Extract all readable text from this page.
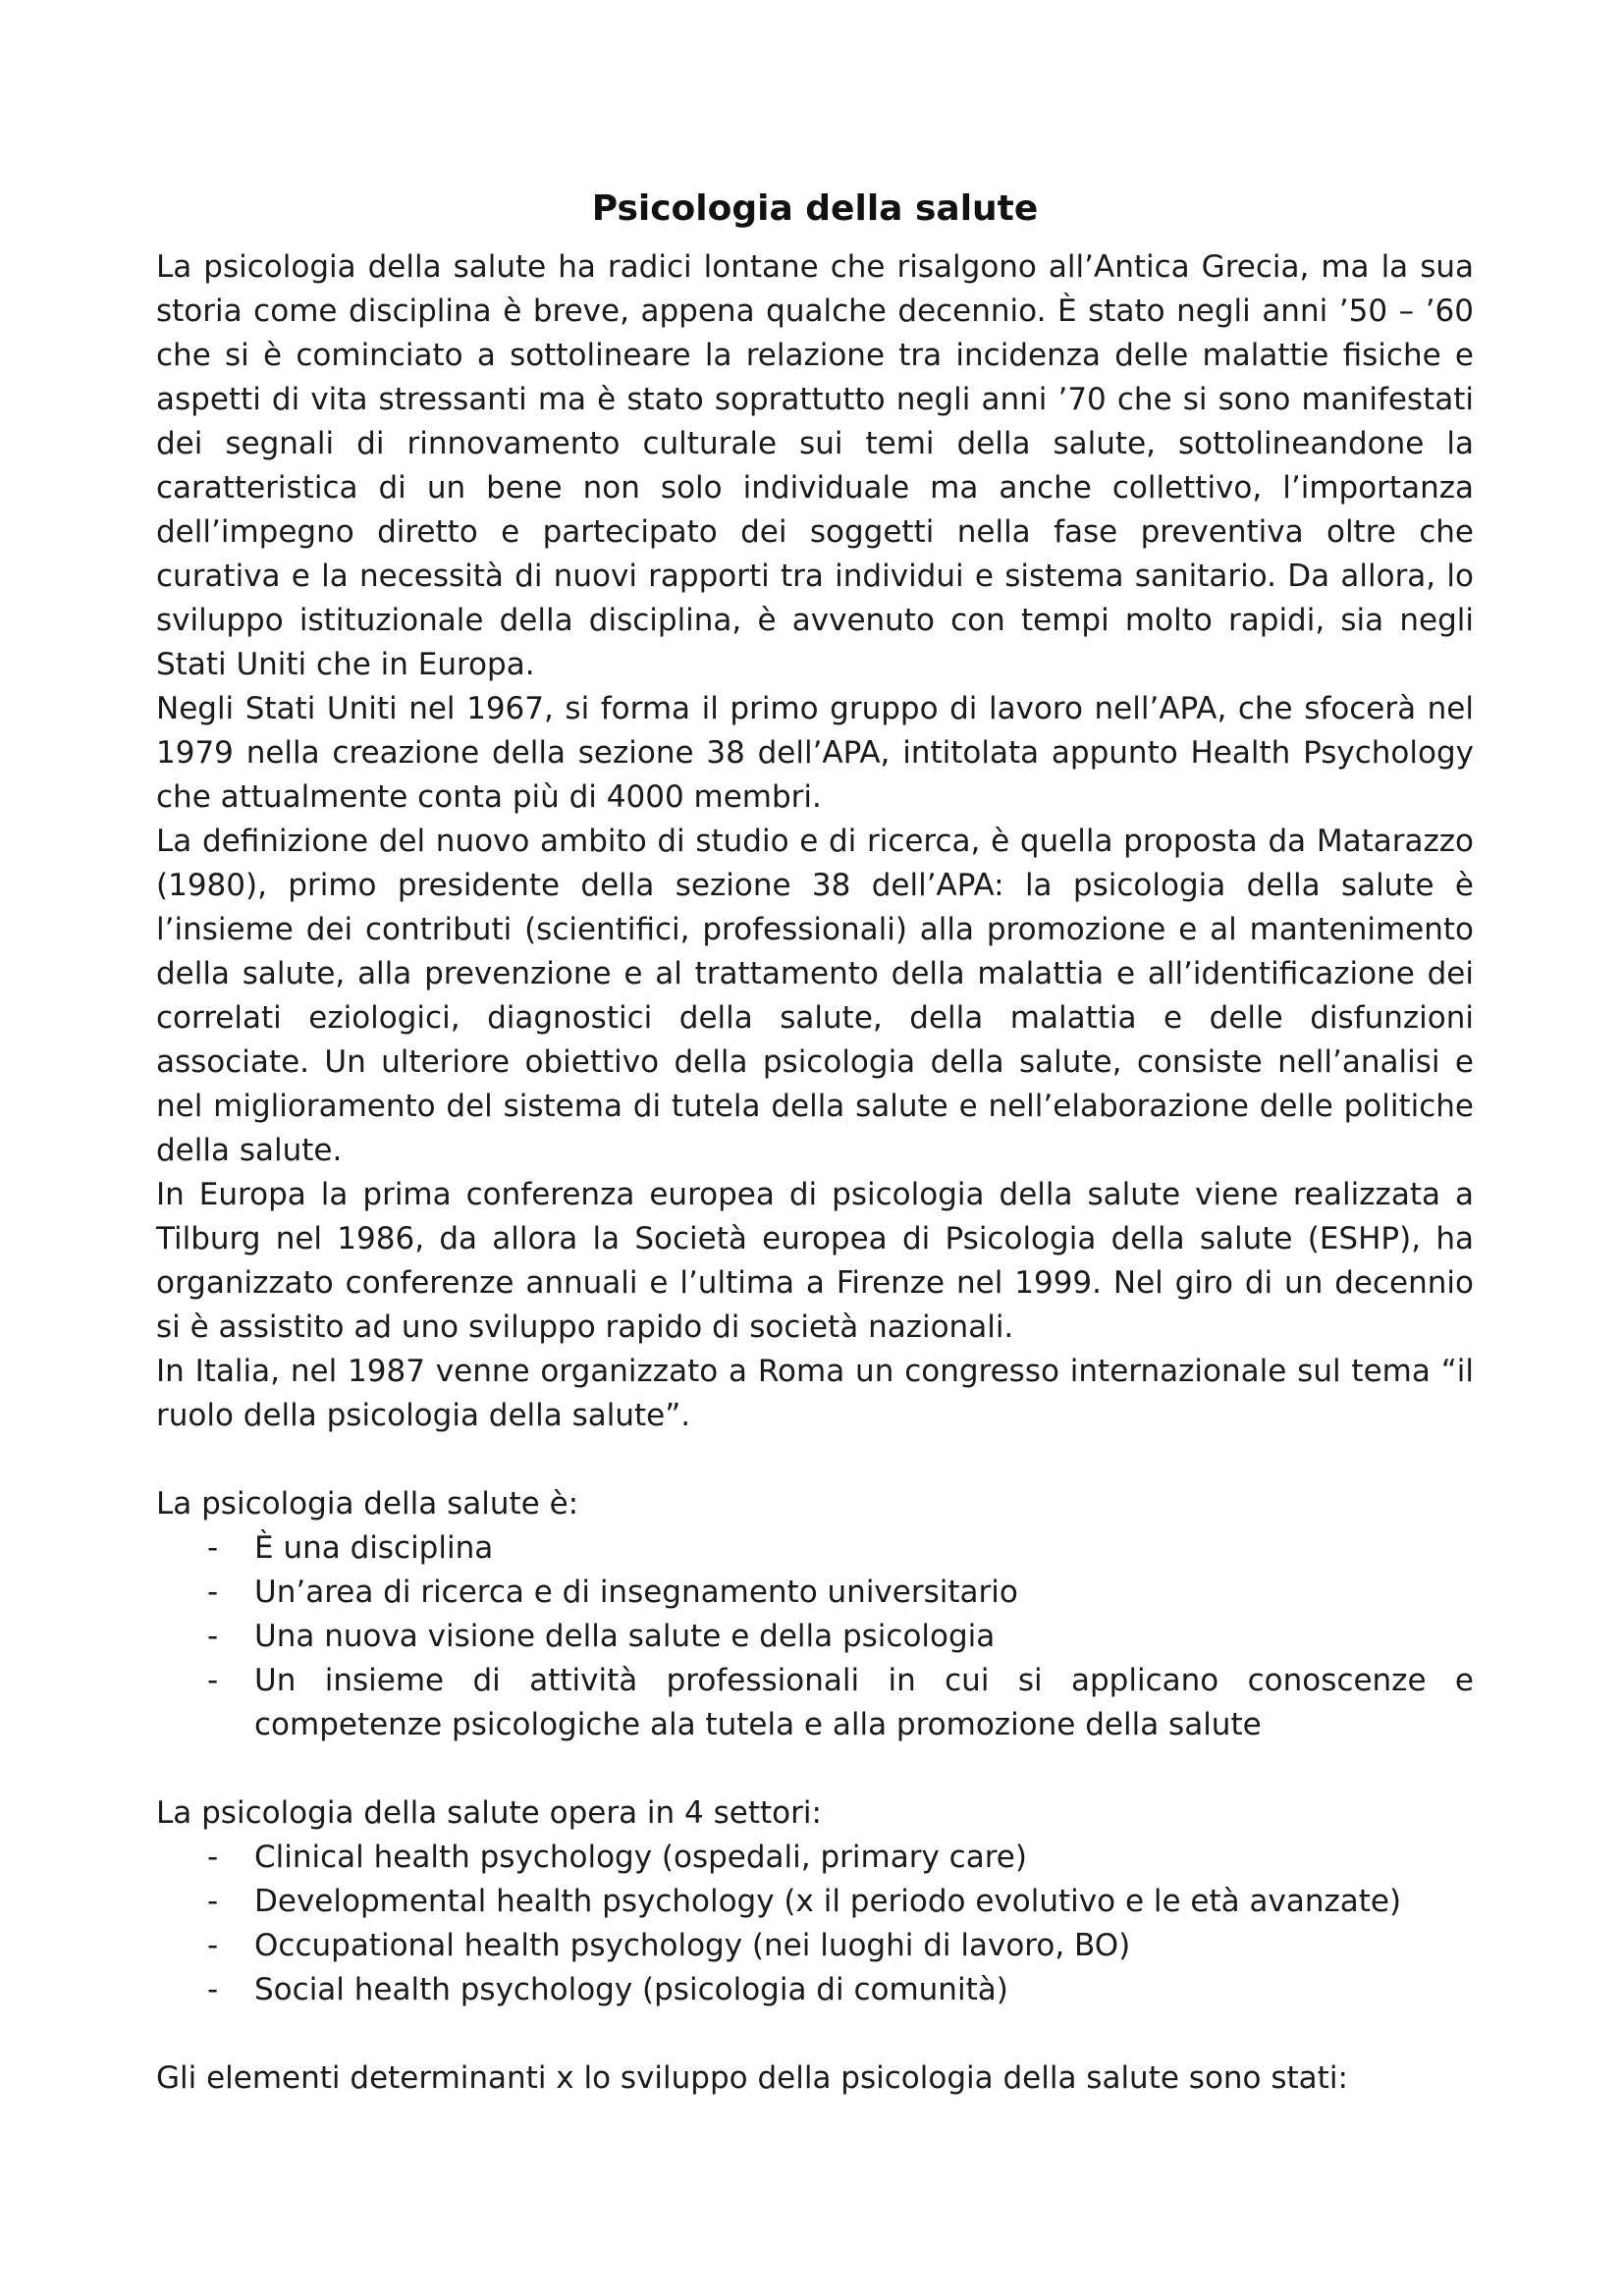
Psicologia della salute

La psicologia della salute ha radici lontane che risalgono all’Antica Grecia, ma la sua storia come disciplina è breve, appena qualche decennio. È stato negli anni ’50 – ’60 che si è cominciato a sottolineare la relazione tra incidenza delle malattie fisiche e aspetti di vita stressanti ma è stato soprattutto negli anni ’70 che si sono manifestati dei segnali di rinnovamento culturale sui temi della salute, sottolineandone la caratteristica di un bene non solo individuale ma anche collettivo, l’importanza dell’impegno diretto e partecipato dei soggetti nella fase preventiva oltre che curativa e la necessità di nuovi rapporti tra individui e sistema sanitario. Da allora, lo sviluppo istituzionale della disciplina, è avvenuto con tempi molto rapidi, sia negli Stati Uniti che in Europa.

Negli Stati Uniti nel 1967, si forma il primo gruppo di lavoro nell’APA, che sfocerà nel 1979 nella creazione della sezione 38 dell’APA, intitolata appunto Health Psychology che attualmente conta più di 4000 membri.

La definizione del nuovo ambito di studio e di ricerca, è quella proposta da Matarazzo (1980), primo presidente della sezione 38 dell’APA: la psicologia della salute è l’insieme dei contributi (scientifici, professionali) alla promozione e al mantenimento della salute, alla prevenzione e al trattamento della malattia e all’identificazione dei correlati eziologici, diagnostici della salute, della malattia e delle disfunzioni associate. Un ulteriore obiettivo della psicologia della salute, consiste nell’analisi e nel miglioramento del sistema di tutela della salute e nell’elaborazione delle politiche della salute.

In Europa la prima conferenza europea di psicologia della salute viene realizzata a Tilburg nel 1986, da allora la Società europea di Psicologia della salute (ESHP), ha organizzato conferenze annuali e l’ultima a Firenze nel 1999. Nel giro di un decennio si è assistito ad uno sviluppo rapido di società nazionali.

In Italia, nel 1987 venne organizzato a Roma un congresso internazionale sul tema “il ruolo della psicologia della salute”.

La psicologia della salute è:

- È una disciplina
- Un’area di ricerca e di insegnamento universitario
- Una nuova visione della salute e della psicologia
- Un insieme di attività professionali in cui si applicano conoscenze e competenze psicologiche ala tutela e alla promozione della salute

La psicologia della salute opera in 4 settori:

- Clinical health psychology (ospedali, primary care)
- Developmental health psychology (x il periodo evolutivo e le età avanzate)
- Occupational health psychology (nei luoghi di lavoro, BO)
- Social health psychology (psicologia di comunità)

Gli elementi determinanti x lo sviluppo della psicologia della salute sono stati:
